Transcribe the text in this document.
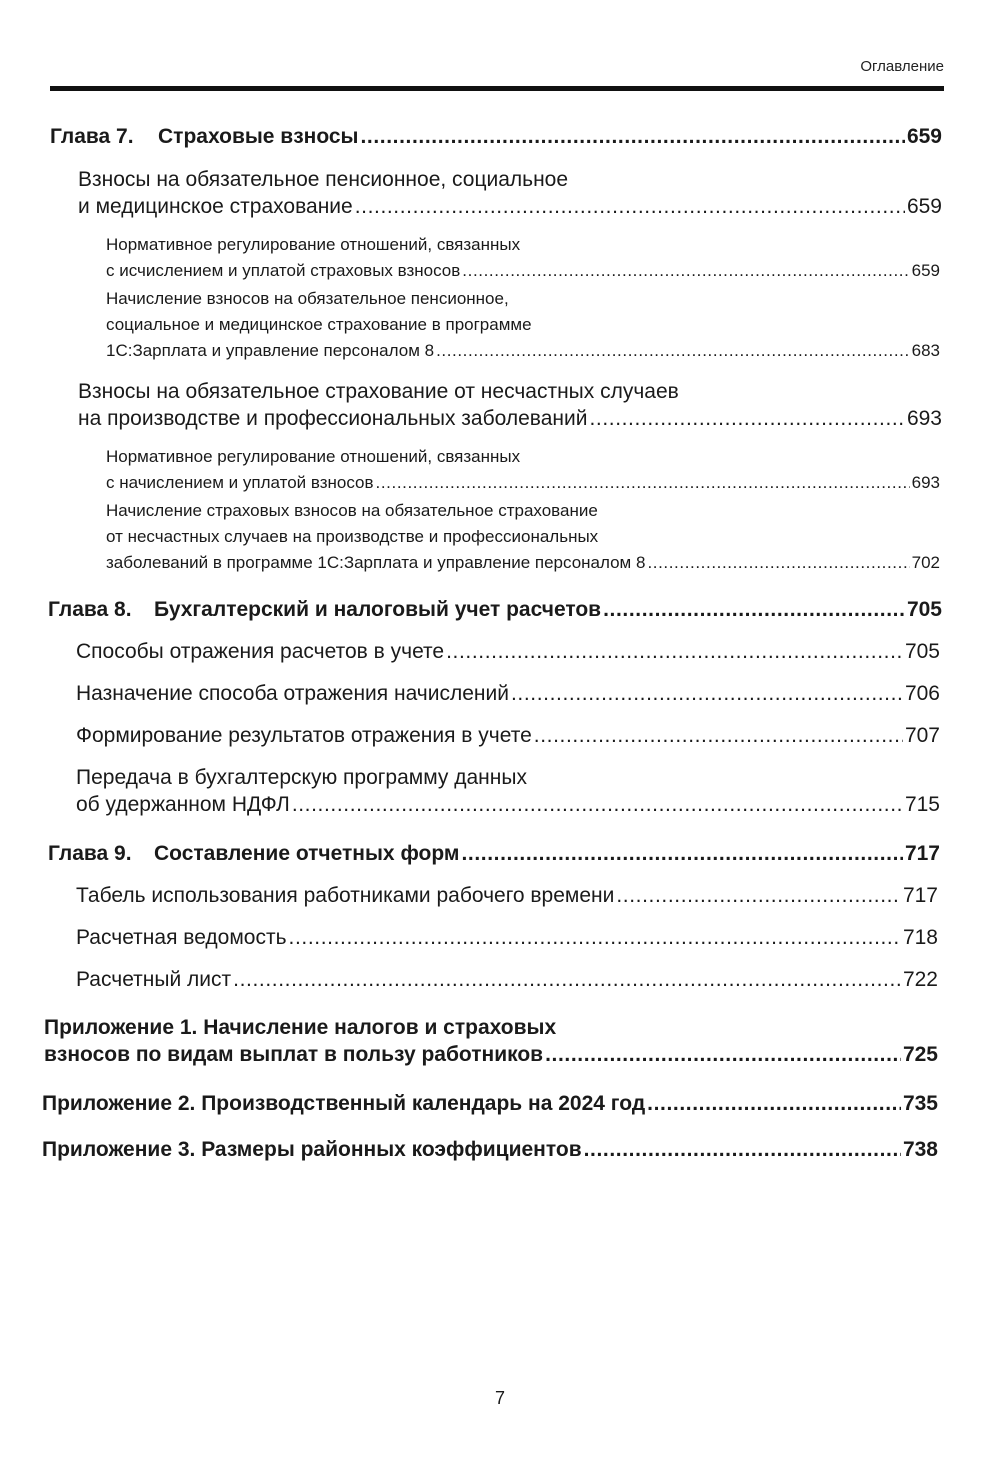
Оглавление
Глава 7. Страховые взносы .....	659
Взносы на обязательное пенсионное, социальное
и медицинское страхование .....	659
Нормативное регулирование отношений, связанных
с исчислением и уплатой страховых взносов .....	659
Начисление взносов на обязательное пенсионное,
социальное и медицинское страхование в программе
1С:Зарплата и управление персоналом 8 .....	683
Взносы на обязательное страхование от несчастных случаев
на производстве и профессиональных заболеваний .....	693
Нормативное регулирование отношений, связанных
с начислением и уплатой взносов .....	693
Начисление страховых взносов на обязательное страхование
от несчастных случаев на производстве и профессиональных
заболеваний в программе 1С:Зарплата и управление персоналом 8 .....	702
Глава 8. Бухгалтерский и налоговый учет расчетов .....	705
Способы отражения расчетов в учете .....	705
Назначение способа отражения начислений .....	706
Формирование результатов отражения в учете .....	707
Передача в бухгалтерскую программу данных
об удержанном НДФЛ .....	715
Глава 9. Составление отчетных форм .....	717
Табель использования работниками рабочего времени .....	717
Расчетная ведомость .....	718
Расчетный лист .....	722
Приложение 1. Начисление налогов и страховых
взносов по видам выплат в пользу работников .....	725
Приложение 2. Производственный календарь на 2024 год .....	735
Приложение 3. Размеры районных коэффициентов .....	738
7
